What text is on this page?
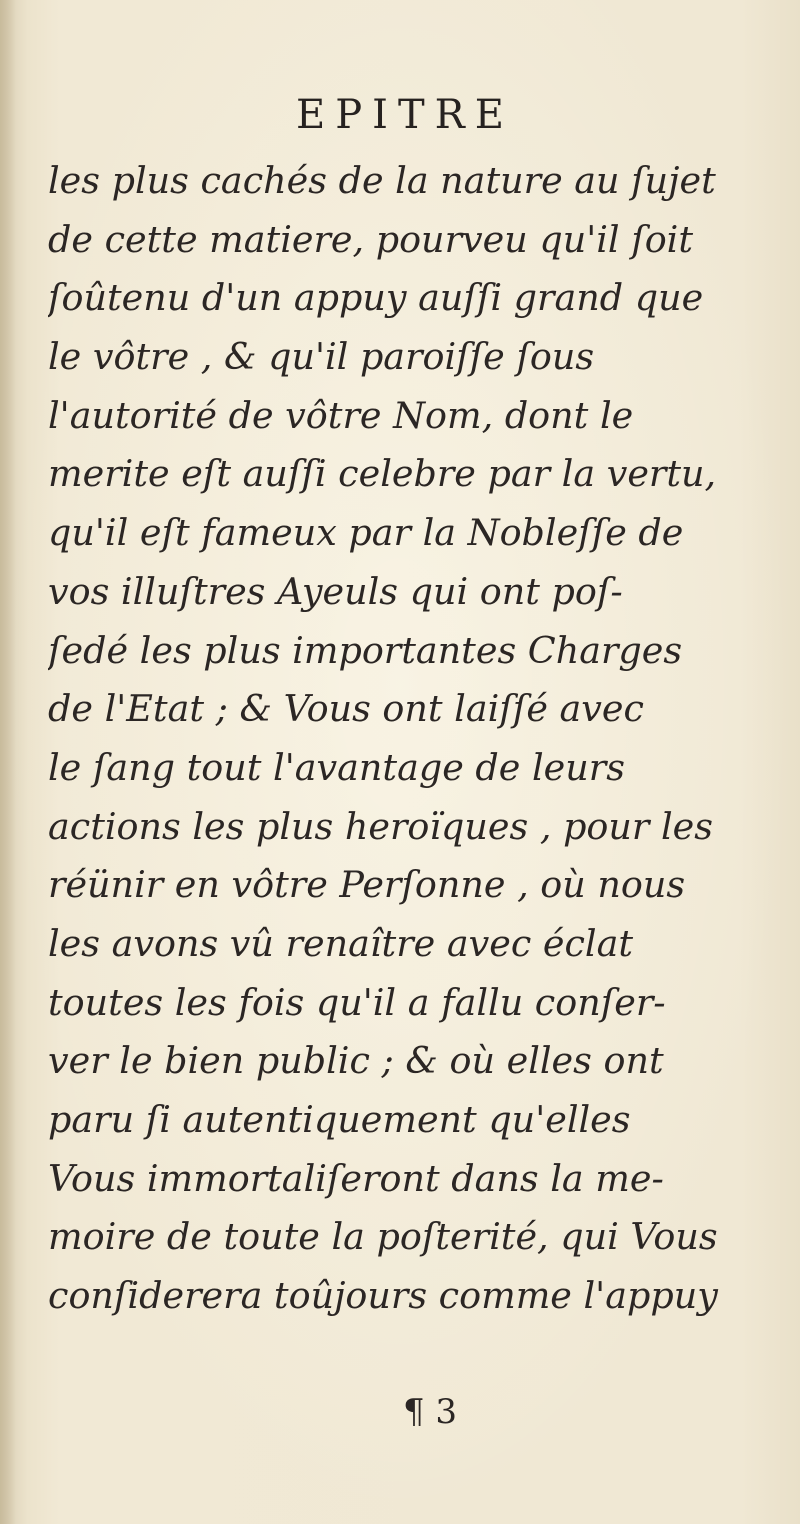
EPITRE
les plus cachés de la nature au ſujet
de cette matiere, pourveu qu'il ſoit
ſoûtenu d'un appuy auſſi grand que
le vôtre , & qu'il paroiſſe ſous
l'autorité de vôtre Nom, dont le
merite eſt auſſi celebre par la vertu,
qu'il eſt fameux par la Nobleſſe de
vos illuſtres Ayeuls qui ont poſ-
ſedé les plus importantes Charges
de l'Etat ; & Vous ont laiſſé avec
le ſang tout l'avantage de leurs
actions les plus heroïques , pour les
réünir en vôtre Perſonne , où nous
les avons vû renaître avec éclat
toutes les fois qu'il a fallu conſer-
ver le bien public ; & où elles ont
paru ſi autentiquement qu'elles
Vous immortaliſeront dans la me-
moire de toute la poſterité, qui Vous
conſiderera toûjours comme l'appuy
¶ 3
